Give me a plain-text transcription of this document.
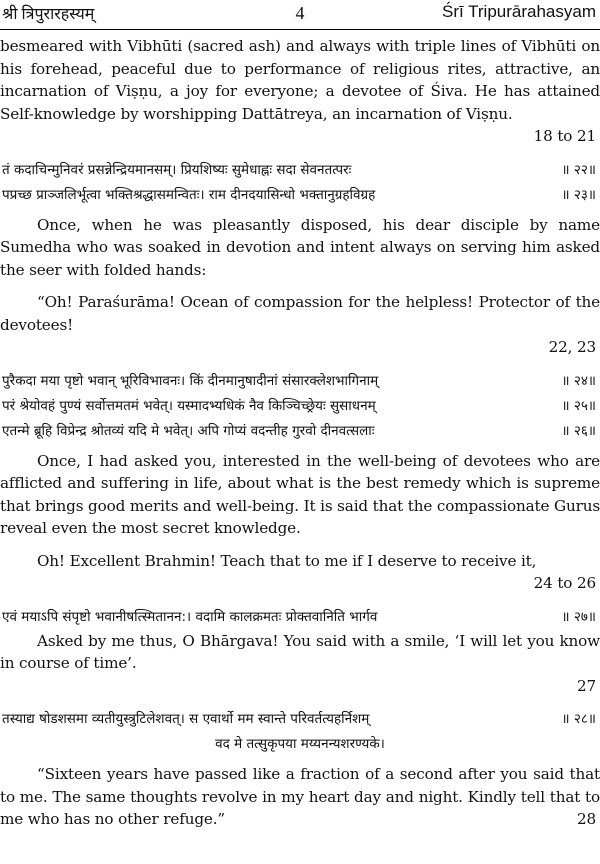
श्री त्रिपुरारहस्यम्	4	Śrī Tripurārahasyam

besmeared with Vibhūti (sacred ash) and always with triple lines of Vibhūti on his forehead, peaceful due to performance of religious rites, attractive, an incarnation of Viṣṇu, a joy for everyone; a devotee of Śiva. He has attained Self-knowledge by worshipping Dattātreya, an incarnation of Viṣṇu.

18 to 21

तं कदाचिन्मुनिवरं प्रसन्नेन्द्रियमानसम्। प्रियशिष्यः सुमेधाह्नः सदा सेवनतत्परः	॥ २२॥
पप्रच्छ प्राञ्जलिर्भूत्वा भक्तिश्रद्धासमन्वितः। राम दीनदयासिन्धो भक्तानुग्रहविग्रह	॥ २३॥

Once, when he was pleasantly disposed, his dear disciple by name Sumedha who was soaked in devotion and intent always on serving him asked the seer with folded hands:

“Oh! Paraśurāma! Ocean of compassion for the helpless! Protector of the devotees!

22, 23

पुरैकदा मया पृष्टो भवान् भूरिविभावनः। किं दीनमानुषादीनां संसारक्लेशभागिनाम्	॥ २४॥
परं श्रेयोवहं पुण्यं सर्वोत्तमतमं भवेत्। यस्मादभ्यधिकं नैव किञ्चिच्छ्रेयः सुसाधनम्	॥ २५॥
एतन्मे ब्रूहि विप्रेन्द्र श्रोतव्यं यदि मे भवेत्। अपि गोप्यं वदन्तीह गुरवो दीनवत्सलाः	॥ २६॥

Once, I had asked you, interested in the well-being of devotees who are afflicted and suffering in life, about what is the best remedy which is supreme that brings good merits and well-being. It is said that the compassionate Gurus reveal even the most secret knowledge.

Oh! Excellent Brahmin! Teach that to me if I deserve to receive it,

24 to 26

एवं मयाऽपि संपृष्टो भवानीषत्स्मितानन:। वदामि कालक्रमतः प्रोक्तवानिति भार्गव	॥ २७॥

Asked by me thus, O Bhārgava! You said with a smile, ‘I will let you know in course of time’.

27

तस्याद्य षोडशसमा व्यतीयुस्त्रुटिलेशवत्। स एवार्थो मम स्वान्ते परिवर्तत्यहर्निशम्	॥ २८॥
वद मे तत्सुकृपया मय्यनन्यशरण्यके।

“Sixteen years have passed like a fraction of a second after you said that to me. The same thoughts revolve in my heart day and night. Kindly tell that to me who has no other refuge.”	28
